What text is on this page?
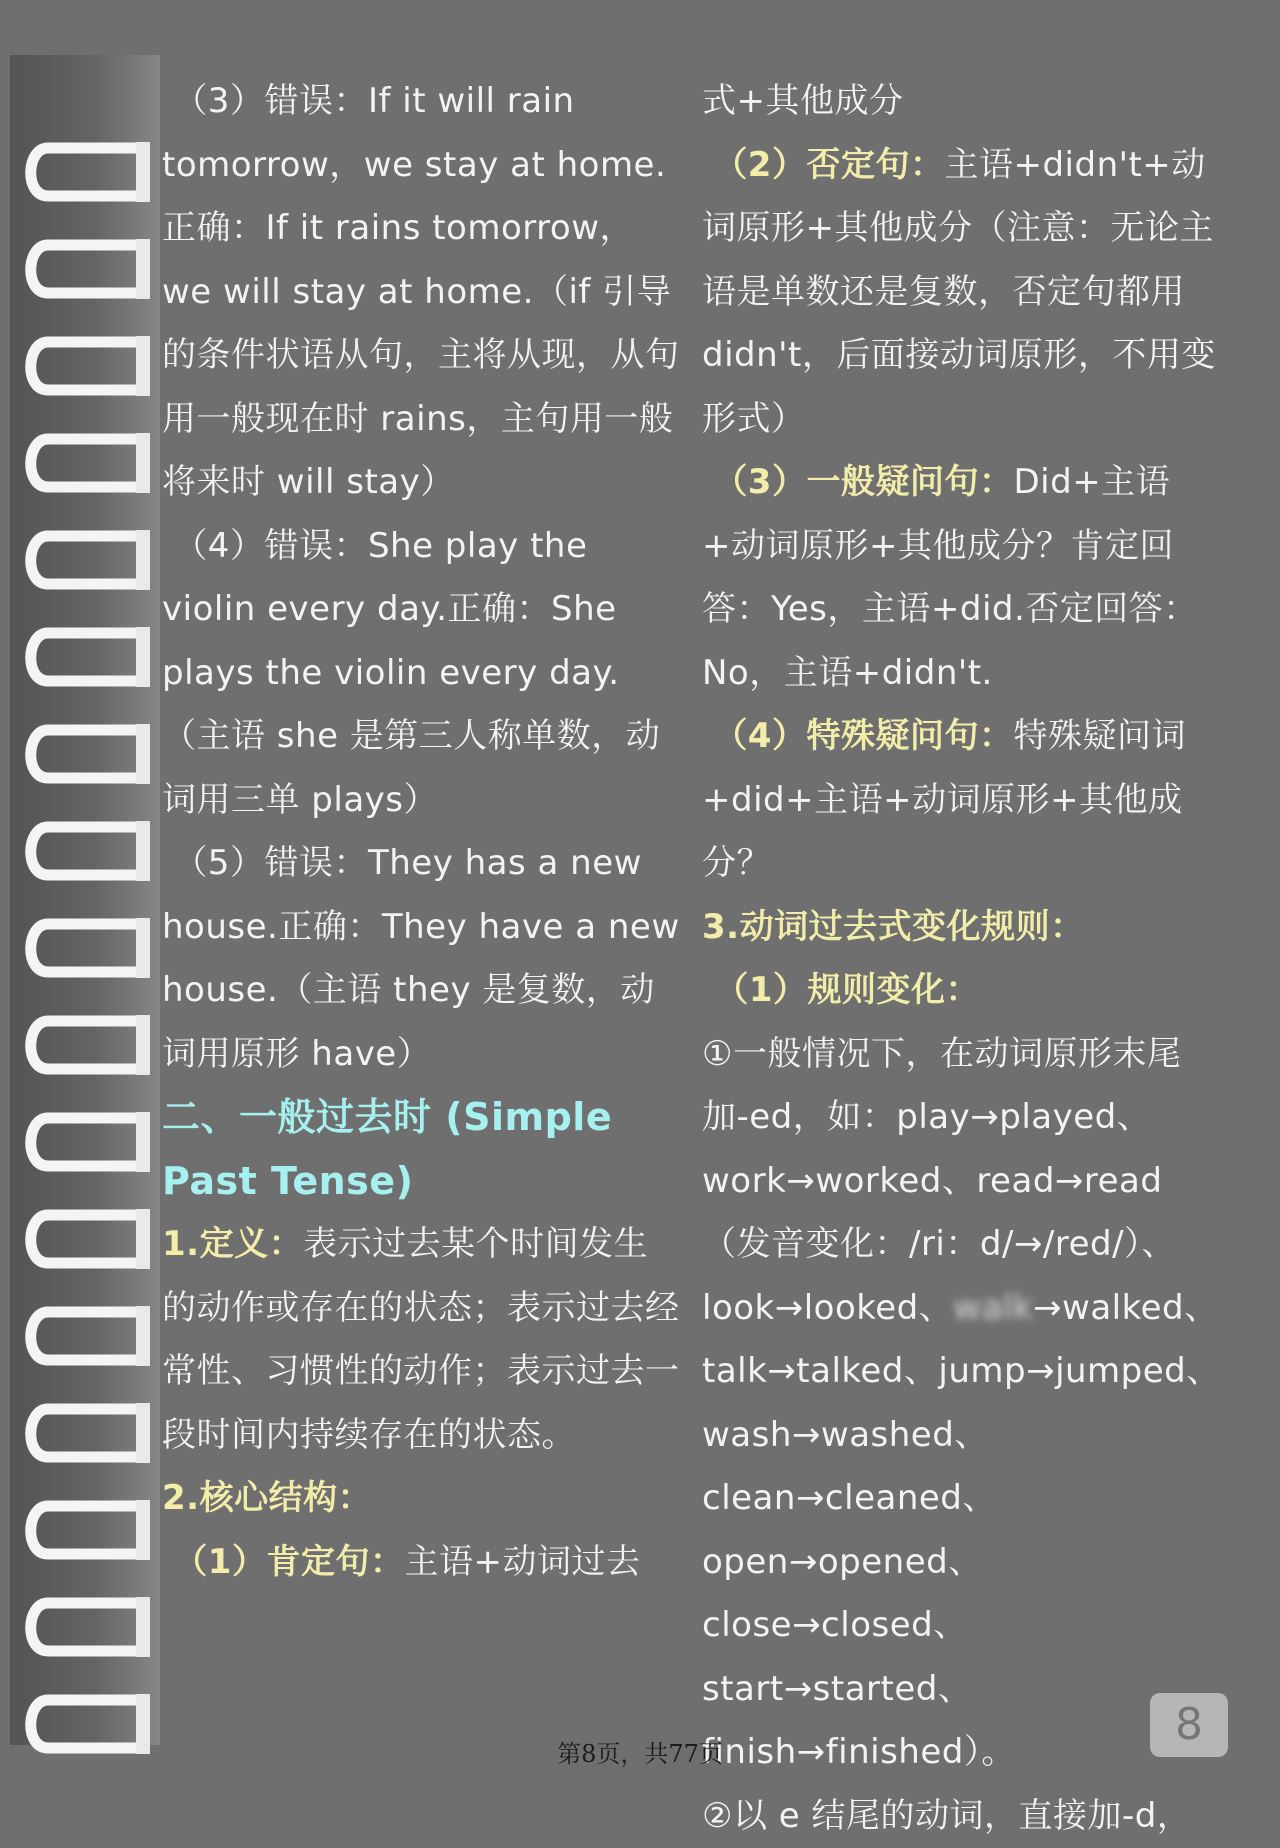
（3）错误：If it will rain tomorrow，we stay at home.正确：If it rains tomorrow，we will stay at home.（if 引导的条件状语从句，主将从现，从句用一般现在时 rains，主句用一般将来时 will stay）

（4）错误：She play the violin every day.正确：She plays the violin every day.（主语 she 是第三人称单数，动词用三单 plays）

（5）错误：They has a new house.正确：They have a new house.（主语 they 是复数，动词用原形 have）

二、一般过去时 (Simple Past Tense)

1.定义：表示过去某个时间发生的动作或存在的状态；表示过去经常性、习惯性的动作；表示过去一段时间内持续存在的状态。

2.核心结构：

（1）肯定句：主语+动词过去

式+其他成分

（2）否定句：主语+didn't+动词原形+其他成分（注意：无论主语是单数还是复数，否定句都用 didn't，后面接动词原形，不用变形式）

（3）一般疑问句：Did+主语+动词原形+其他成分？肯定回答：Yes，主语+did.否定回答：No，主语+didn't.

（4）特殊疑问句：特殊疑问词+did+主语+动词原形+其他成分？

3.动词过去式变化规则：

（1）规则变化：

①一般情况下，在动词原形末尾加-ed，如：play→played、work→worked、read→read（发音变化：/ri：d/→/red/）、look→looked、walk→walked、talk→talked、jump→jumped、wash→washed、clean→cleaned、open→opened、close→closed、start→started、finish→finished）。

②以 e 结尾的动词，直接加-d，

8
第8页，共77页
